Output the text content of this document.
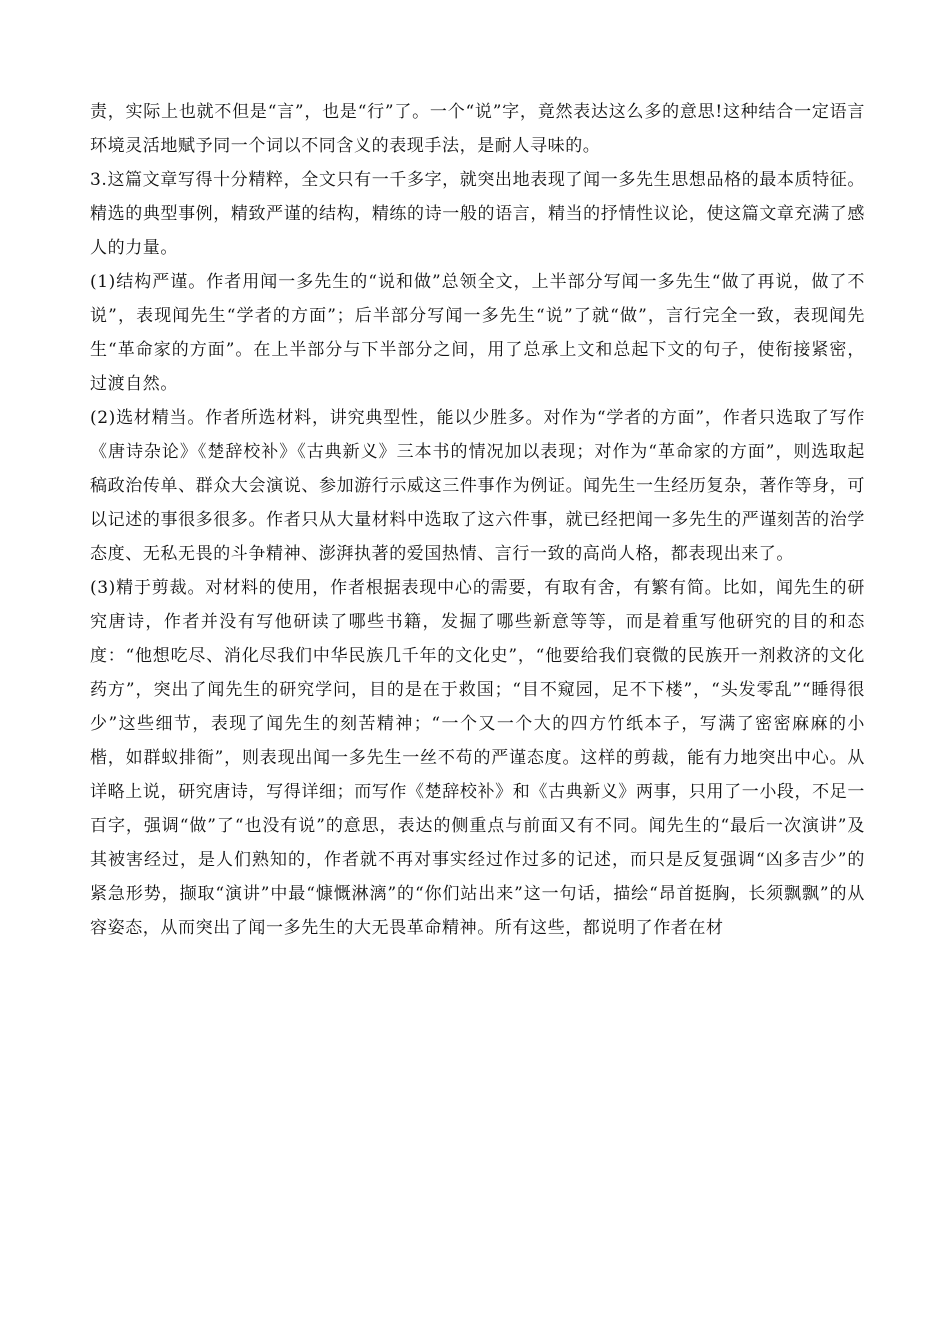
责，实际上也就不但是“言”，也是“行”了。一个“说”字，竟然表达这么多的意思!这种结合一定语言环境灵活地赋予同一个词以不同含义的表现手法，是耐人寻味的。

3.这篇文章写得十分精粹，全文只有一千多字，就突出地表现了闻一多先生思想品格的最本质特征。精选的典型事例，精致严谨的结构，精练的诗一般的语言，精当的抒情性议论，使这篇文章充满了感人的力量。

(1)结构严谨。作者用闻一多先生的“说和做”总领全文，上半部分写闻一多先生“做了再说，做了不说”，表现闻先生“学者的方面”；后半部分写闻一多先生“说”了就“做”，言行完全一致，表现闻先生“革命家的方面”。在上半部分与下半部分之间，用了总承上文和总起下文的句子，使衔接紧密，过渡自然。

(2)选材精当。作者所选材料，讲究典型性，能以少胜多。对作为“学者的方面”，作者只选取了写作《唐诗杂论》《楚辞校补》《古典新义》三本书的情况加以表现；对作为“革命家的方面”，则选取起稿政治传单、群众大会演说、参加游行示威这三件事作为例证。闻先生一生经历复杂，著作等身，可以记述的事很多很多。作者只从大量材料中选取了这六件事，就已经把闻一多先生的严谨刻苦的治学态度、无私无畏的斗争精神、澎湃执著的爱国热情、言行一致的高尚人格，都表现出来了。

(3)精于剪裁。对材料的使用，作者根据表现中心的需要，有取有舍，有繁有简。比如，闻先生的研究唐诗，作者并没有写他研读了哪些书籍，发掘了哪些新意等等，而是着重写他研究的目的和态度：“他想吃尽、消化尽我们中华民族几千年的文化史”，“他要给我们衰微的民族开一剂救济的文化药方”，突出了闻先生的研究学问，目的是在于救国；“目不窥园，足不下楼”，“头发零乱”“睡得很少”这些细节，表现了闻先生的刻苦精神；“一个又一个大的四方竹纸本子，写满了密密麻麻的小楷，如群蚁排衙”，则表现出闻一多先生一丝不苟的严谨态度。这样的剪裁，能有力地突出中心。从详略上说，研究唐诗，写得详细；而写作《楚辞校补》和《古典新义》两事，只用了一小段，不足一百字，强调“做”了“也没有说”的意思，表达的侧重点与前面又有不同。闻先生的“最后一次演讲”及其被害经过，是人们熟知的，作者就不再对事实经过作过多的记述，而只是反复强调“凶多吉少”的紧急形势，撷取“演讲”中最“慷慨淋漓”的“你们站出来”这一句话，描绘“昂首挺胸，长须飘飘”的从容姿态，从而突出了闻一多先生的大无畏革命精神。所有这些，都说明了作者在材
